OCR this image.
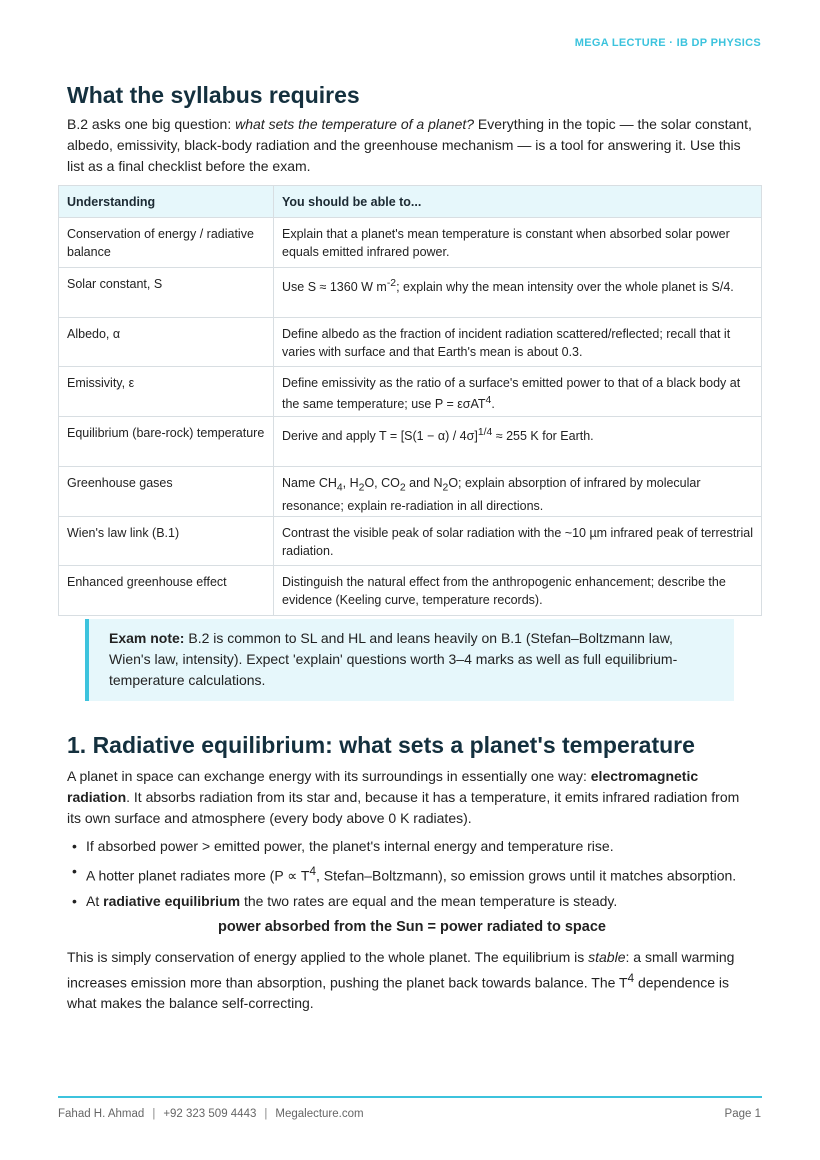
MEGA LECTURE · IB DP PHYSICS
What the syllabus requires

B.2 asks one big question: what sets the temperature of a planet? Everything in the topic — the solar constant, albedo, emissivity, black-body radiation and the greenhouse mechanism — is a tool for answering it. Use this list as a final checklist before the exam.

Understanding	You should be able to...
Conservation of energy / radiative balance	Explain that a planet's mean temperature is constant when absorbed solar power equals emitted infrared power.
Solar constant, S	Use S ≈ 1360 W $m^{-2}$; explain why the mean intensity over the whole planet is S/4.
Albedo, α	Define albedo as the fraction of incident radiation scattered/reflected; recall that it varies with surface and that Earth's mean is about 0.3.
Emissivity, ε	Define emissivity as the ratio of a surface's emitted power to that of a black body at the same temperature; use P = εσAT$^4$.
Equilibrium (bare-rock) temperature	Derive and apply $T = [S(1 - \alpha) / 4\sigma]^{1/4} \approx 255$ K for Earth.
Greenhouse gases	Name $CH_4$, $H_2O$, $CO_2$ and $N_2O$; explain absorption of infrared by molecular resonance; explain re-radiation in all directions.
Wien's law link (B.1)	Contrast the visible peak of solar radiation with the ~10 µm infrared peak of terrestrial radiation.
Enhanced greenhouse effect	Distinguish the natural effect from the anthropogenic enhancement; describe the evidence (Keeling curve, temperature records).
Exam note: B.2 is common to SL and HL and leans heavily on B.1 (Stefan–Boltzmann law, Wien's law, intensity). Expect 'explain' questions worth 3–4 marks as well as full equilibrium-temperature calculations.
1. Radiative equilibrium: what sets a planet's temperature

A planet in space can exchange energy with its surroundings in essentially one way: electromagnetic radiation. It absorbs radiation from its star and, because it has a temperature, it emits infrared radiation from its own surface and atmosphere (every body above 0 K radiates).

• If absorbed power > emitted power, the planet's internal energy and temperature rise.
• A hotter planet radiates more ($P \propto T^4$, Stefan–Boltzmann), so emission grows until it matches absorption.
• At radiative equilibrium the two rates are equal and the mean temperature is steady.
power absorbed from the Sun = power radiated to space

This is simply conservation of energy applied to the whole planet. The equilibrium is stable: a small warming increases emission more than absorption, pushing the planet back towards balance. The $T^4$ dependence is what makes the balance self-correcting.

Fahad H. Ahmad | +92 323 509 4443 | Megalecture.com	Page 1
